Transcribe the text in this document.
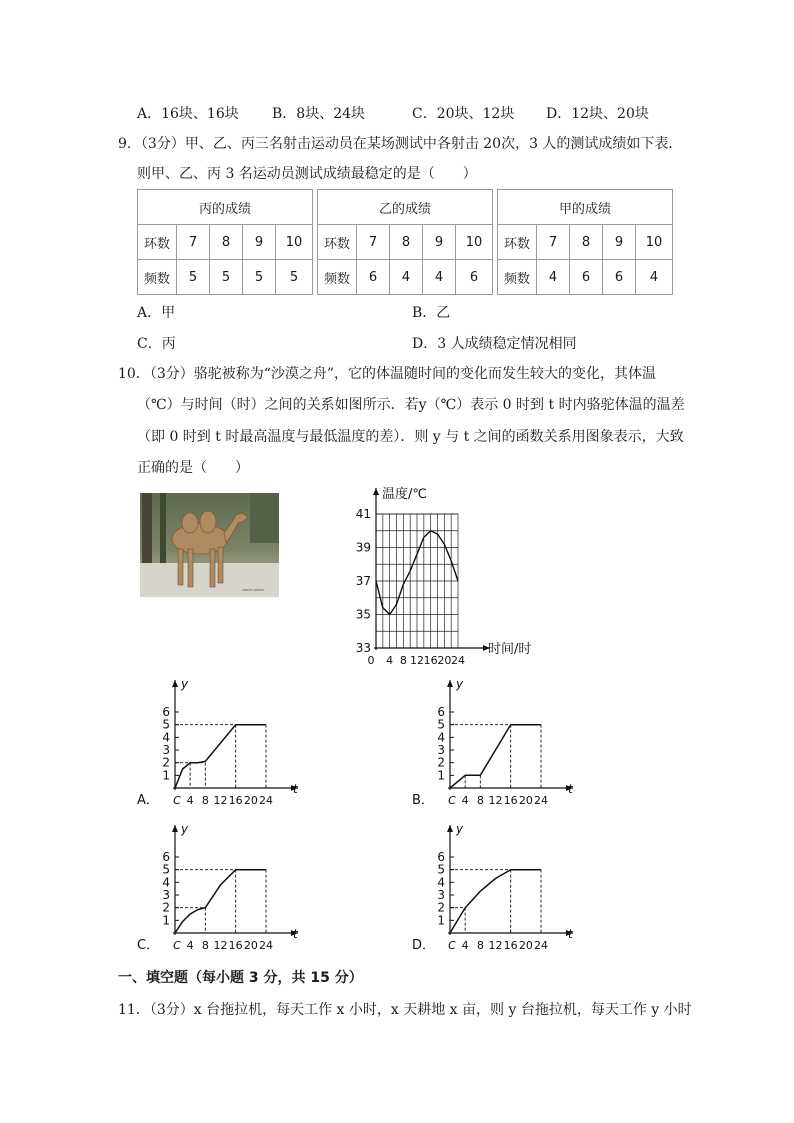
A．16块、16块 B．8块、24块	C．20块、12块 D．12块、20块
9．（3分）甲、乙、丙三名射击运动员在某场测试中各射击 20次，3 人的测试成绩如下表．
则甲、乙、丙 3 名运动员测试成绩最稳定的是（　　）
丙的成绩						乙的成绩						甲的成绩				
环数	7	8	9	10		环数	7	8	9	10		环数	7	8	9	10
频数	5	5	5	5		频数	6	4	4	6		频数	4	6	6	4
A．甲	B．乙
C．丙	D．3 人成绩稳定情况相同
10．（3分）骆驼被称为“沙漠之舟”，它的体温随时间的变化而发生较大的变化，其体温
（℃）与时间（时）之间的关系如图所示．若y（℃）表示 0 时到 t 时内骆驼体温的温差
（即 0 时到 t 时最高温度与最低温度的差）．则 y 与 t 之间的函数关系用图象表示，大致
正确的是（　　）
camel photo
温度/℃
时间/时
41
39
37
35
33
0 4 8 12 16 20 24
y
t
6
5
4
3
2
1
C 4 8 12 16 20 24
A．
y
t
6
5
4
3
2
1
C 4 8 12 16 20 24
B．
y
t
6
5
4
3
2
1
C 4 8 12 16 20 24
C．
y
t
6
5
4
3
2
1
C 4 8 12 16 20 24
D．
一、填空题（每小题 3 分，共 15 分）
11．（3分）x 台拖拉机，每天工作 x 小时，x 天耕地 x 亩，则 y 台拖拉机，每天工作 y 小时
